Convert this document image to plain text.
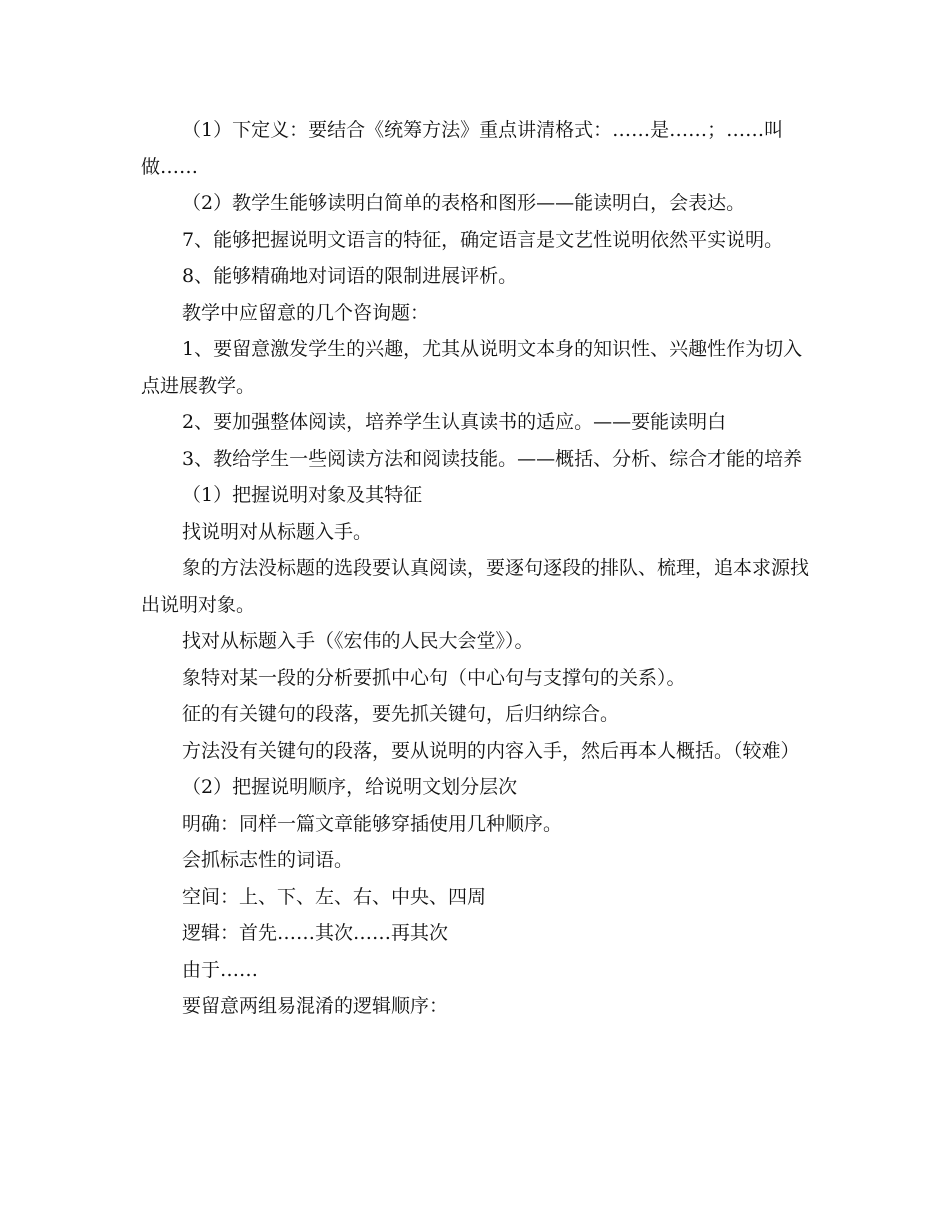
（1）下定义：要结合《统筹方法》重点讲清格式：……是……；……叫做……

（2）教学生能够读明白简单的表格和图形——能读明白，会表达。

7、能够把握说明文语言的特征，确定语言是文艺性说明依然平实说明。

8、能够精确地对词语的限制进展评析。

教学中应留意的几个咨询题：

1、要留意激发学生的兴趣，尤其从说明文本身的知识性、兴趣性作为切入点进展教学。

2、要加强整体阅读，培养学生认真读书的适应。——要能读明白

3、教给学生一些阅读方法和阅读技能。——概括、分析、综合才能的培养

（1）把握说明对象及其特征

找说明对从标题入手。

象的方法没标题的选段要认真阅读，要逐句逐段的排队、梳理，追本求源找出说明对象。

找对从标题入手（《宏伟的人民大会堂》）。

象特对某一段的分析要抓中心句（中心句与支撑句的关系）。

征的有关键句的段落，要先抓关键句，后归纳综合。

方法没有关键句的段落，要从说明的内容入手，然后再本人概括。（较难）

（2）把握说明顺序，给说明文划分层次

明确：同样一篇文章能够穿插使用几种顺序。

会抓标志性的词语。

空间：上、下、左、右、中央、四周

逻辑：首先……其次……再其次

由于……

要留意两组易混淆的逻辑顺序：
